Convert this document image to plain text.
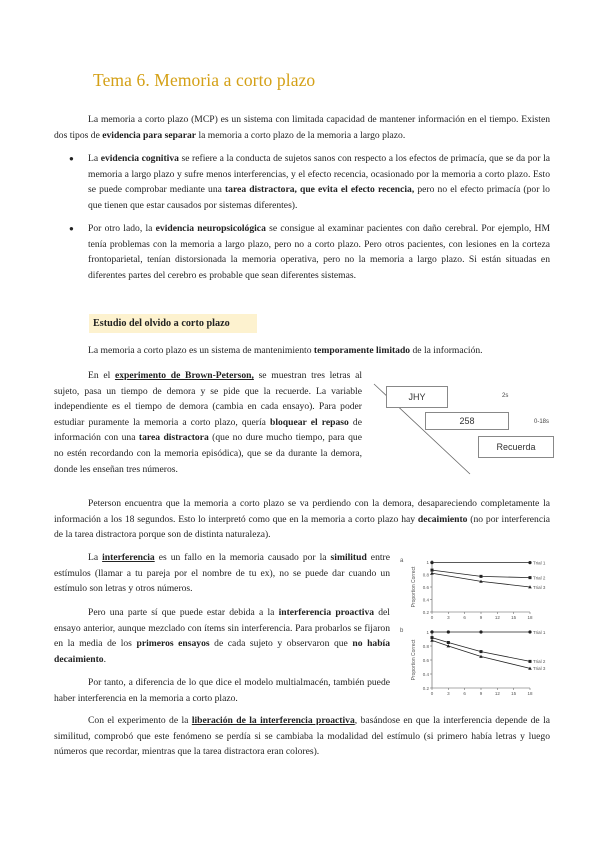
Tema 6. Memoria a corto plazo

La memoria a corto plazo (MCP) es un sistema con limitada capacidad de mantener información en el tiempo. Existen dos tipos de evidencia para separar la memoria a corto plazo de la memoria a largo plazo.

● La evidencia cognitiva se refiere a la conducta de sujetos sanos con respecto a los efectos de primacía, que se da por la memoria a largo plazo y sufre menos interferencias, y el efecto recencia, ocasionado por la memoria a corto plazo. Esto se puede comprobar mediante una tarea distractora, que evita el efecto recencia, pero no el efecto primacía (por lo que tienen que estar causados por sistemas diferentes).

● Por otro lado, la evidencia neuropsicológica se consigue al examinar pacientes con daño cerebral. Por ejemplo, HM tenía problemas con la memoria a largo plazo, pero no a corto plazo. Pero otros pacientes, con lesiones en la corteza frontoparietal, tenían distorsionada la memoria operativa, pero no la memoria a largo plazo. Si están situadas en diferentes partes del cerebro es probable que sean diferentes sistemas.

Estudio del olvido a corto plazo

La memoria a corto plazo es un sistema de mantenimiento temporamente limitado de la información.

En el experimento de Brown-Peterson, se muestran tres letras al sujeto, pasa un tiempo de demora y se pide que la recuerde. La variable independiente es el tiempo de demora (cambia en cada ensayo). Para poder estudiar puramente la memoria a corto plazo, quería bloquear el repaso de información con una tarea distractora (que no dure mucho tiempo, para que no estén recordando con la memoria episódica), que se da durante la demora, donde les enseñan tres números.

JHY	2s
258	0-18s
Recuerda

Peterson encuentra que la memoria a corto plazo se va perdiendo con la demora, desapareciendo completamente la información a los 18 segundos. Esto lo interpretó como que en la memoria a corto plazo hay decaimiento (no por interferencia de la tarea distractora porque son de distinta naturaleza).

La interferencia es un fallo en la memoria causado por la similitud entre estímulos (llamar a tu pareja por el nombre de tu ex), no se puede dar cuando un estímulo son letras y otros números.

Pero una parte sí que puede estar debida a la interferencia proactiva del ensayo anterior, aunque mezclado con ítems sin interferencia. Para probarlos se fijaron en la media de los primeros ensayos de cada sujeto y observaron que no había decaimiento.

Por tanto, a diferencia de lo que dice el modelo multialmacén, también puede haber interferencia en la memoria a corto plazo.

Con el experimento de la liberación de la interferencia proactiva, basándose en que la interferencia depende de la similitud, comprobó que este fenómeno se perdía si se cambiaba la modalidad del estímulo (si primero había letras y luego números que recordar, mientras que la tarea distractora eran colores).

a	1
0.8
0.6
0.4
0.2
0	3	6	9	12	15	18
Proportion Correct
Trial 1
Trial 2
Trial 3
b	1
0.8
0.6
0.4
0.2
0	3	6	9	12	15	18
Proportion Correct
Trial 1
Trial 2
Trial 3
